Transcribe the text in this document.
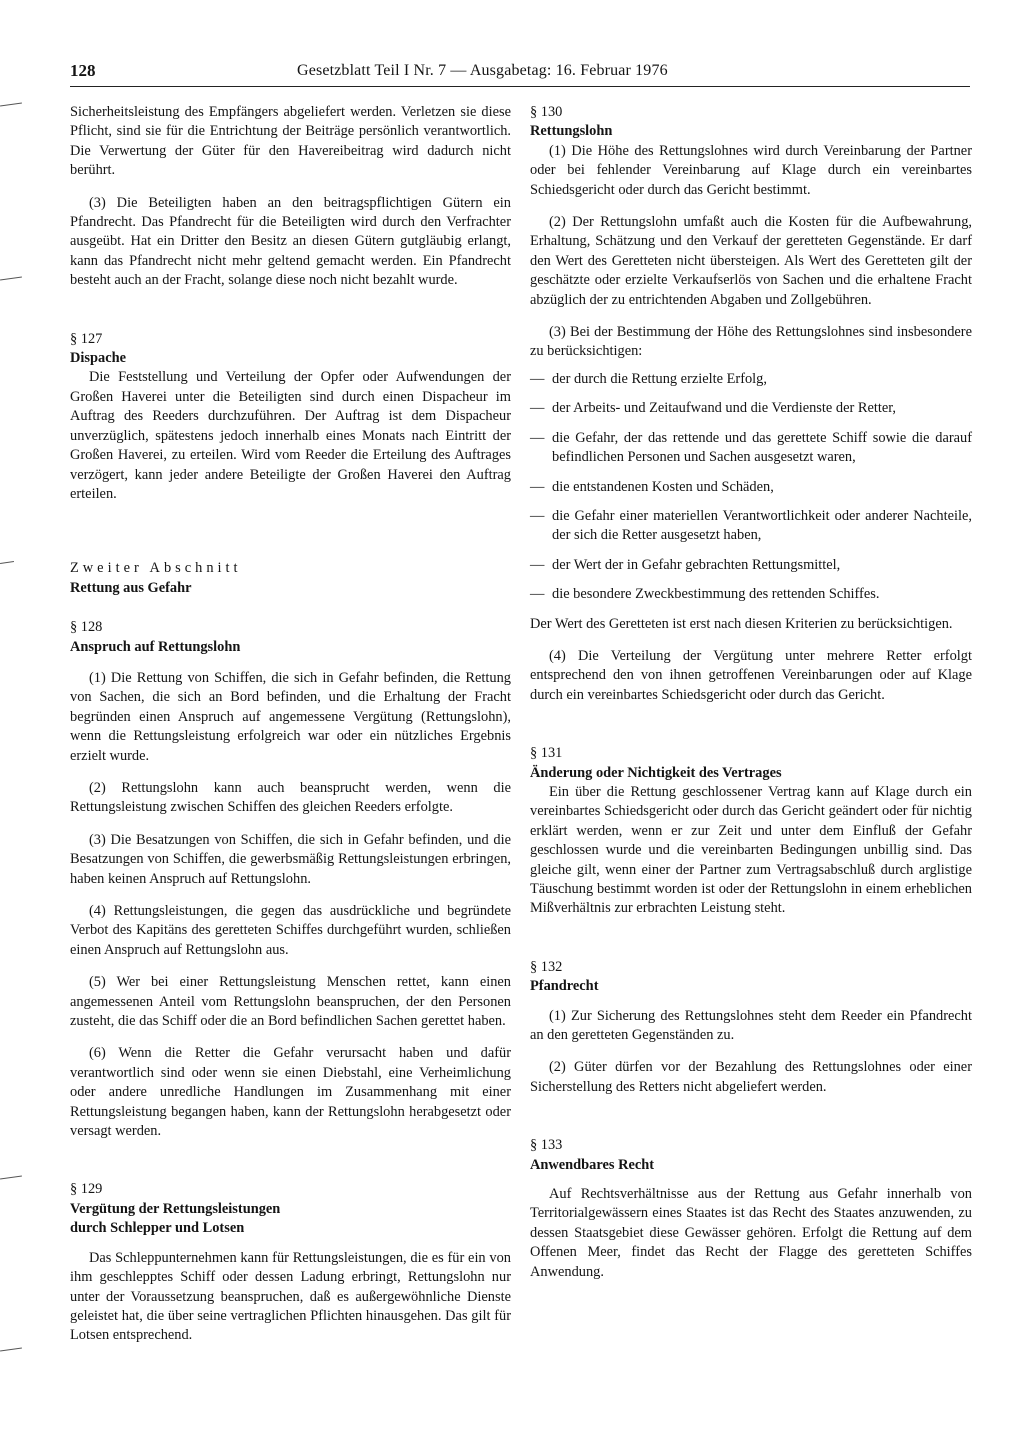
128	Gesetzblatt Teil I Nr. 7 — Ausgabetag: 16. Februar 1976

Sicherheitsleistung des Empfängers abgeliefert werden. Verletzen sie diese Pflicht, sind sie für die Entrichtung der Beiträge persönlich verantwortlich. Die Verwertung der Güter für den Havereibeitrag wird dadurch nicht berührt.

(3) Die Beteiligten haben an den beitragspflichtigen Gütern ein Pfandrecht. Das Pfandrecht für die Beteiligten wird durch den Verfrachter ausgeübt. Hat ein Dritter den Besitz an diesen Gütern gutgläubig erlangt, kann das Pfandrecht nicht mehr geltend gemacht werden. Ein Pfandrecht besteht auch an der Fracht, solange diese noch nicht bezahlt wurde.

§ 127

Dispache

Die Feststellung und Verteilung der Opfer oder Aufwendungen der Großen Haverei unter die Beteiligten sind durch einen Dispacheur im Auftrag des Reeders durchzuführen. Der Auftrag ist dem Dispacheur unverzüglich, spätestens jedoch innerhalb eines Monats nach Eintritt der Großen Haverei, zu erteilen. Wird vom Reeder die Erteilung des Auftrages verzögert, kann jeder andere Beteiligte der Großen Haverei den Auftrag erteilen.

Zweiter Abschnitt

Rettung aus Gefahr

§ 128

Anspruch auf Rettungslohn

(1) Die Rettung von Schiffen, die sich in Gefahr befinden, die Rettung von Sachen, die sich an Bord befinden, und die Erhaltung der Fracht begründen einen Anspruch auf angemessene Vergütung (Rettungslohn), wenn die Rettungsleistung erfolgreich war oder ein nützliches Ergebnis erzielt wurde.

(2) Rettungslohn kann auch beansprucht werden, wenn die Rettungsleistung zwischen Schiffen des gleichen Reeders erfolgte.

(3) Die Besatzungen von Schiffen, die sich in Gefahr befinden, und die Besatzungen von Schiffen, die gewerbsmäßig Rettungsleistungen erbringen, haben keinen Anspruch auf Rettungslohn.

(4) Rettungsleistungen, die gegen das ausdrückliche und begründete Verbot des Kapitäns des geretteten Schiffes durchgeführt wurden, schließen einen Anspruch auf Rettungslohn aus.

(5) Wer bei einer Rettungsleistung Menschen rettet, kann einen angemessenen Anteil vom Rettungslohn beanspruchen, der den Personen zusteht, die das Schiff oder die an Bord befindlichen Sachen gerettet haben.

(6) Wenn die Retter die Gefahr verursacht haben und dafür verantwortlich sind oder wenn sie einen Diebstahl, eine Verheimlichung oder andere unredliche Handlungen im Zusammenhang mit einer Rettungsleistung begangen haben, kann der Rettungslohn herabgesetzt oder versagt werden.

§ 129

Vergütung der Rettungsleistungen

durch Schlepper und Lotsen

Das Schleppunternehmen kann für Rettungsleistungen, die es für ein von ihm geschlepptes Schiff oder dessen Ladung erbringt, Rettungslohn nur unter der Voraussetzung beanspruchen, daß es außergewöhnliche Dienste geleistet hat, die über seine vertraglichen Pflichten hinausgehen. Das gilt für Lotsen entsprechend.

§ 130

Rettungslohn

(1) Die Höhe des Rettungslohnes wird durch Vereinbarung der Partner oder bei fehlender Vereinbarung auf Klage durch ein vereinbartes Schiedsgericht oder durch das Gericht bestimmt.

(2) Der Rettungslohn umfaßt auch die Kosten für die Aufbewahrung, Erhaltung, Schätzung und den Verkauf der geretteten Gegenstände. Er darf den Wert des Geretteten nicht übersteigen. Als Wert des Geretteten gilt der geschätzte oder erzielte Verkaufserlös von Sachen und die erhaltene Fracht abzüglich der zu entrichtenden Abgaben und Zollgebühren.

(3) Bei der Bestimmung der Höhe des Rettungslohnes sind insbesondere zu berücksichtigen:

— der durch die Rettung erzielte Erfolg,
— der Arbeits- und Zeitaufwand und die Verdienste der Retter,
— die Gefahr, der das rettende und das gerettete Schiff sowie die darauf befindlichen Personen und Sachen ausgesetzt waren,
— die entstandenen Kosten und Schäden,
— die Gefahr einer materiellen Verantwortlichkeit oder anderer Nachteile, der sich die Retter ausgesetzt haben,
— der Wert der in Gefahr gebrachten Rettungsmittel,
— die besondere Zweckbestimmung des rettenden Schiffes.

Der Wert des Geretteten ist erst nach diesen Kriterien zu berücksichtigen.

(4) Die Verteilung der Vergütung unter mehrere Retter erfolgt entsprechend den von ihnen getroffenen Vereinbarungen oder auf Klage durch ein vereinbartes Schiedsgericht oder durch das Gericht.

§ 131

Änderung oder Nichtigkeit des Vertrages

Ein über die Rettung geschlossener Vertrag kann auf Klage durch ein vereinbartes Schiedsgericht oder durch das Gericht geändert oder für nichtig erklärt werden, wenn er zur Zeit und unter dem Einfluß der Gefahr geschlossen wurde und die vereinbarten Bedingungen unbillig sind. Das gleiche gilt, wenn einer der Partner zum Vertragsabschluß durch arglistige Täuschung bestimmt worden ist oder der Rettungslohn in einem erheblichen Mißverhältnis zur erbrachten Leistung steht.

§ 132

Pfandrecht

(1) Zur Sicherung des Rettungslohnes steht dem Reeder ein Pfandrecht an den geretteten Gegenständen zu.

(2) Güter dürfen vor der Bezahlung des Rettungslohnes oder einer Sicherstellung des Retters nicht abgeliefert werden.

§ 133

Anwendbares Recht

Auf Rechtsverhältnisse aus der Rettung aus Gefahr innerhalb von Territorialgewässern eines Staates ist das Recht des Staates anzuwenden, zu dessen Staatsgebiet diese Gewässer gehören. Erfolgt die Rettung auf dem Offenen Meer, findet das Recht der Flagge des geretteten Schiffes Anwendung.
